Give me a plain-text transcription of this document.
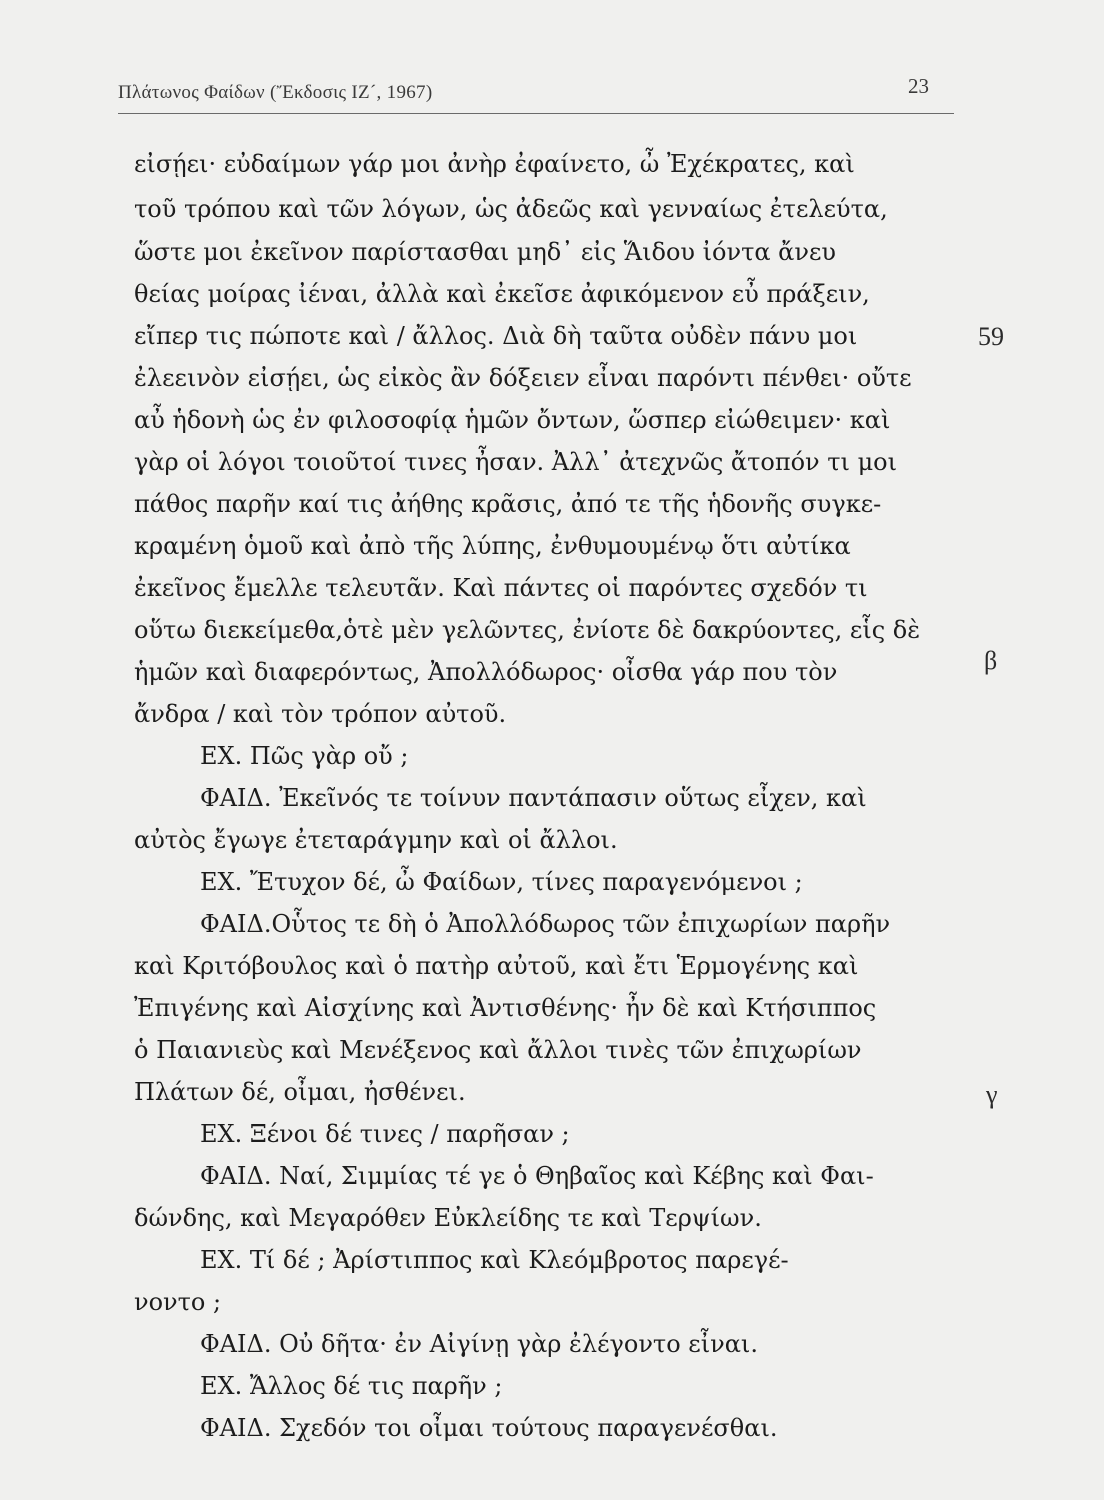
Πλάτωνος Φαίδων (Ἔκδοσις ΙΖ´, 1967)	23
εἰσῄει· εὐδαίμων γάρ μοι ἀνὴρ ἐφαίνετο, ὦ Ἐχέκρατες, καὶ
τοῦ τρόπου καὶ τῶν λόγων, ὡς ἀδεῶς καὶ γενναίως ἐτελεύτα,
ὥστε μοι ἐκεῖνον παρίστασθαι μηδ᾽ εἰς Ἅιδου ἰόντα ἄνευ
θείας μοίρας ἰέναι, ἀλλὰ καὶ ἐκεῖσε ἀφικόμενον εὖ πράξειν,
εἴπερ τις πώποτε καὶ / ἄλλος. Διὰ δὴ ταῦτα οὐδὲν πάνυ μοι
ἐλεεινὸν εἰσῄει, ὡς εἰκὸς ἂν δόξειεν εἶναι παρόντι πένθει· οὔτε
αὖ ἡδονὴ ὡς ἐν φιλοσοφίᾳ ἡμῶν ὄντων, ὥσπερ εἰώθειμεν· καὶ
γὰρ οἱ λόγοι τοιοῦτοί τινες ἦσαν. Ἀλλ᾽ ἀτεχνῶς ἄτοπόν τι μοι
πάθος παρῆν καί τις ἀήθης κρᾶσις, ἀπό τε τῆς ἡδονῆς συγκε-
κραμένη ὁμοῦ καὶ ἀπὸ τῆς λύπης, ἐνθυμουμένῳ ὅτι αὐτίκα
ἐκεῖνος ἔμελλε τελευτᾶν. Καὶ πάντες οἱ παρόντες σχεδόν τι
οὕτω διεκείμεθα,ὁτὲ μὲν γελῶντες, ἐνίοτε δὲ δακρύοντες, εἷς δὲ
ἡμῶν καὶ διαφερόντως, Ἀπολλόδωρος· οἶσθα γάρ που τὸν
ἄνδρα / καὶ τὸν τρόπον αὐτοῦ.
ΕΧ. Πῶς γὰρ οὔ ;
ΦΑΙΔ. Ἐκεῖνός τε τοίνυν παντάπασιν οὕτως εἶχεν, καὶ
αὐτὸς ἔγωγε ἐτεταράγμην καὶ οἱ ἄλλοι.
ΕΧ. Ἔτυχον δέ, ὦ Φαίδων, τίνες παραγενόμενοι ;
ΦΑΙΔ.Οὗτος τε δὴ ὁ Ἀπολλόδωρος τῶν ἐπιχωρίων παρῆν
καὶ Κριτόβουλος καὶ ὁ πατὴρ αὐτοῦ, καὶ ἔτι Ἑρμογένης καὶ
Ἐπιγένης καὶ Αἰσχίνης καὶ Ἀντισθένης· ἦν δὲ καὶ Κτήσιππος
ὁ Παιανιεὺς καὶ Μενέξενος καὶ ἄλλοι τινὲς τῶν ἐπιχωρίων
Πλάτων δέ, οἶμαι, ἠσθένει.
ΕΧ. Ξένοι δέ τινες / παρῆσαν ;
ΦΑΙΔ. Ναί, Σιμμίας τέ γε ὁ Θηβαῖος καὶ Κέβης καὶ Φαι-
δώνδης, καὶ Μεγαρόθεν Εὐκλείδης τε καὶ Τερψίων.
ΕΧ. Τί δέ ; Ἀρίστιππος καὶ Κλεόμβροτος παρεγέ-
νοντο ;
ΦΑΙΔ. Οὐ δῆτα· ἐν Αἰγίνῃ γὰρ ἐλέγοντο εἶναι.
ΕΧ. Ἄλλος δέ τις παρῆν ;
ΦΑΙΔ. Σχεδόν τοι οἶμαι τούτους παραγενέσθαι.
59
β
γ
